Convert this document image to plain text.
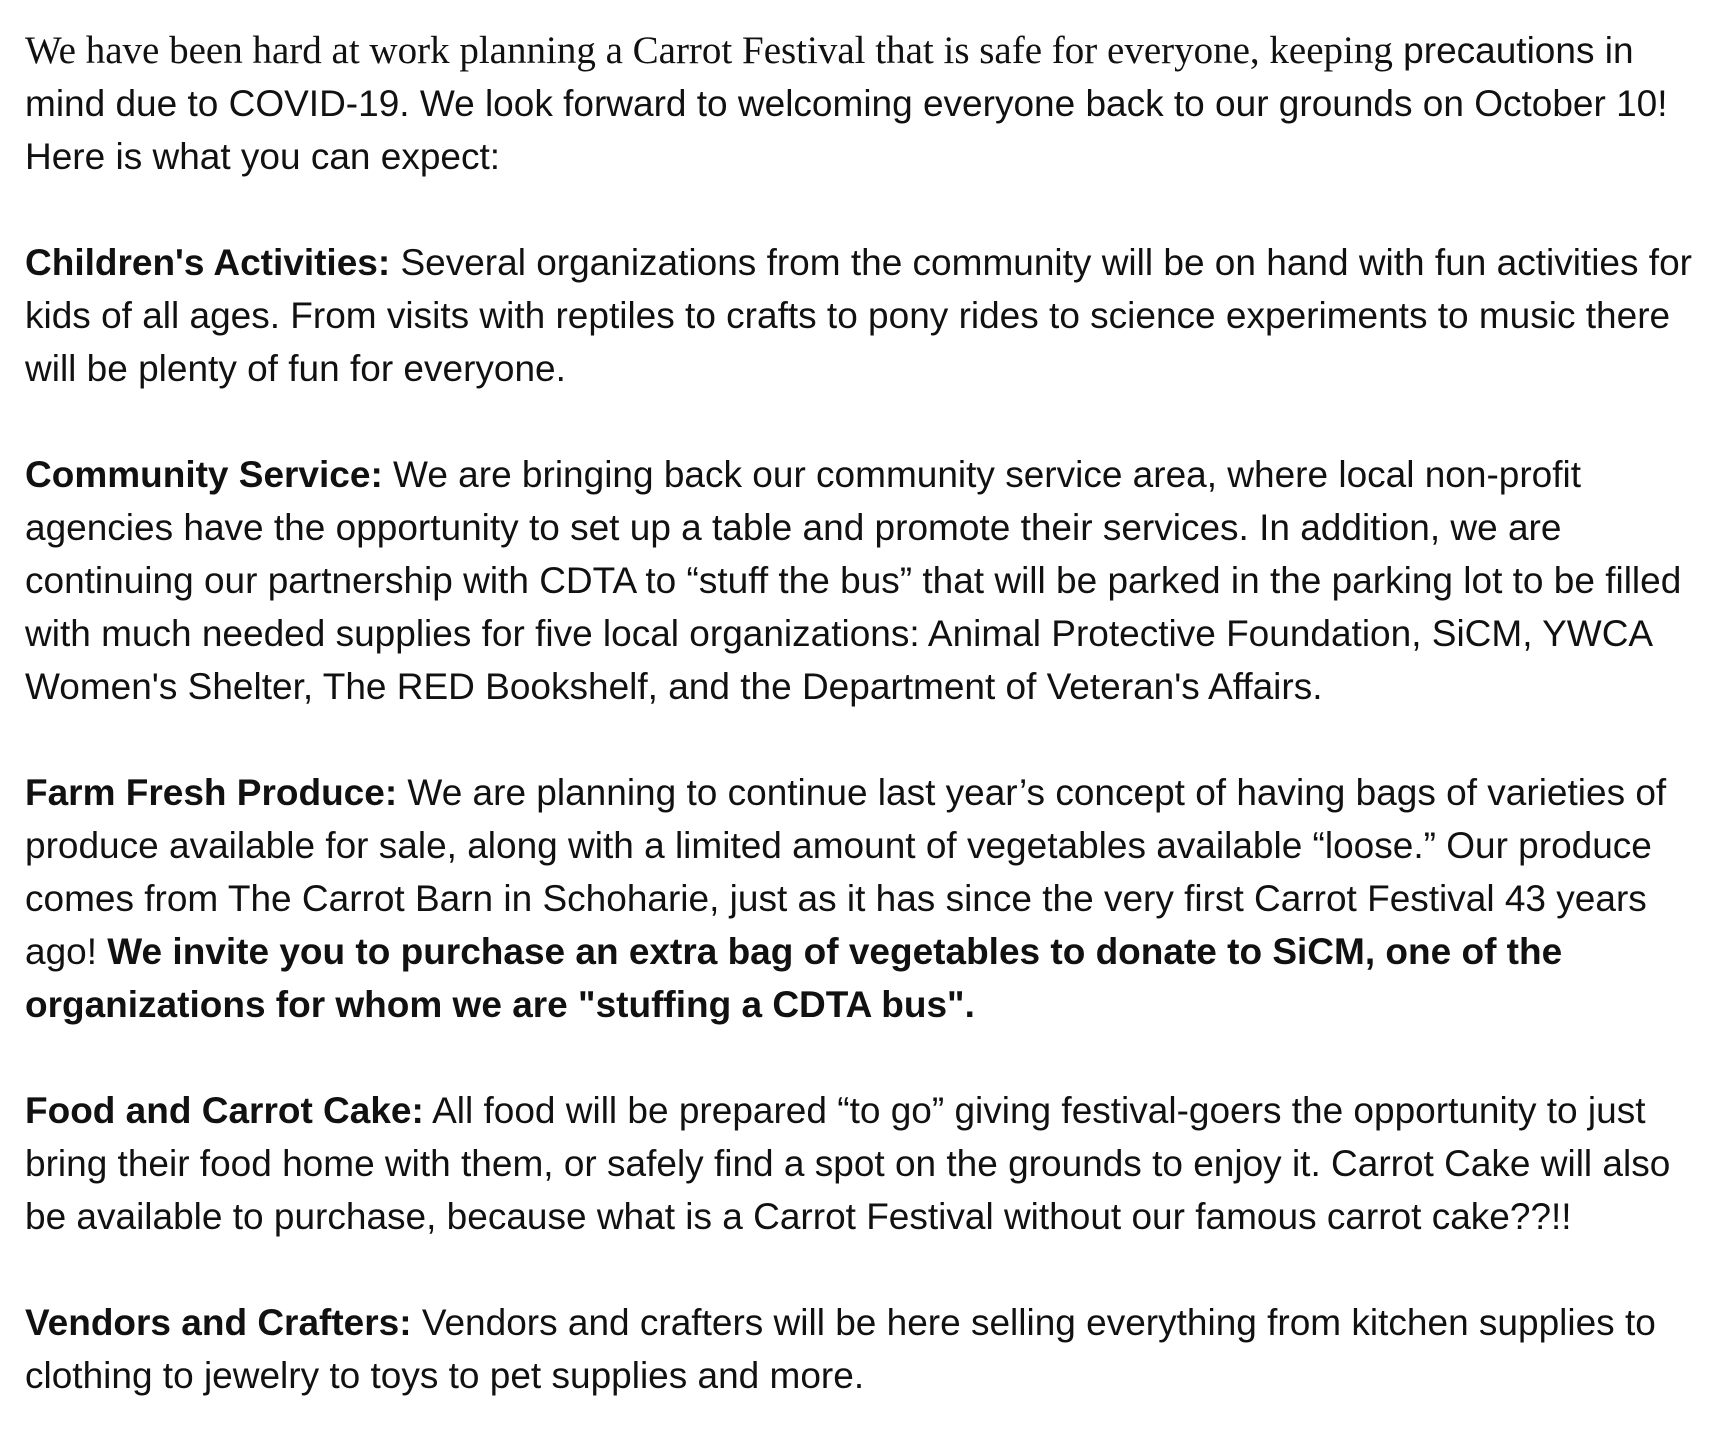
We have been hard at work planning a Carrot Festival that is safe for everyone, keeping precautions in mind due to COVID-19. We look forward to welcoming everyone back to our grounds on October 10! Here is what you can expect:

Children's Activities: Several organizations from the community will be on hand with fun activities for kids of all ages. From visits with reptiles to crafts to pony rides to science experiments to music there will be plenty of fun for everyone.

Community Service: We are bringing back our community service area, where local non-profit agencies have the opportunity to set up a table and promote their services. In addition, we are continuing our partnership with CDTA to “stuff the bus” that will be parked in the parking lot to be filled with much needed supplies for five local organizations: Animal Protective Foundation, SiCM, YWCA Women's Shelter, The RED Bookshelf, and the Department of Veteran's Affairs.

Farm Fresh Produce: We are planning to continue last year’s concept of having bags of varieties of produce available for sale, along with a limited amount of vegetables available “loose.” Our produce comes from The Carrot Barn in Schoharie, just as it has since the very first Carrot Festival 43 years ago! We invite you to purchase an extra bag of vegetables to donate to SiCM, one of the organizations for whom we are "stuffing a CDTA bus".

Food and Carrot Cake: All food will be prepared “to go” giving festival-goers the opportunity to just bring their food home with them, or safely find a spot on the grounds to enjoy it. Carrot Cake will also be available to purchase, because what is a Carrot Festival without our famous carrot cake??!!

Vendors and Crafters: Vendors and crafters will be here selling everything from kitchen supplies to clothing to jewelry to toys to pet supplies and more.
